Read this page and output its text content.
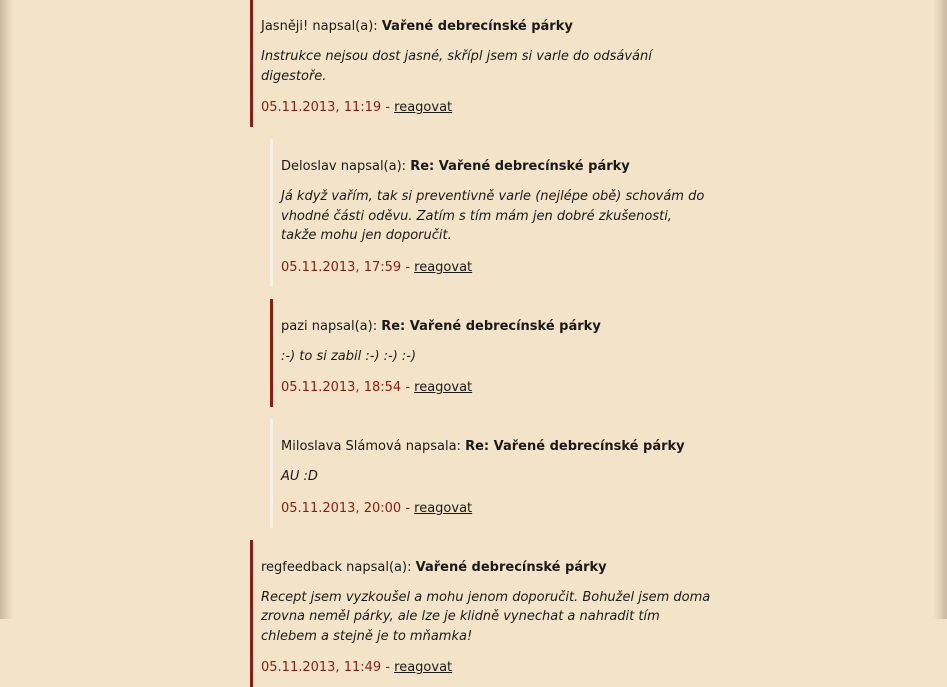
Jasněji! napsal(a): Vařené debrecínské párky
Instrukce nejsou dost jasné, skřípl jsem si varle do odsávání
digestoře.
05.11.2013, 11:19 - reagovat
Deloslav napsal(a): Re: Vařené debrecínské párky
Já když vařím, tak si preventivně varle (nejlépe obě) schovám do
vhodné části oděvu. Zatím s tím mám jen dobré zkušenosti,
takže mohu jen doporučit.
05.11.2013, 17:59 - reagovat
pazi napsal(a): Re: Vařené debrecínské párky
:-) to si zabil :-) :-) :-)
05.11.2013, 18:54 - reagovat
Miloslava Slámová napsala: Re: Vařené debrecínské párky
AU :D
05.11.2013, 20:00 - reagovat
regfeedback napsal(a): Vařené debrecínské párky
Recept jsem vyzkoušel a mohu jenom doporučit. Bohužel jsem doma
zrovna neměl párky, ale lze je klidně vynechat a nahradit tím
chlebem a stejně je to mňamka!
05.11.2013, 11:49 - reagovat
